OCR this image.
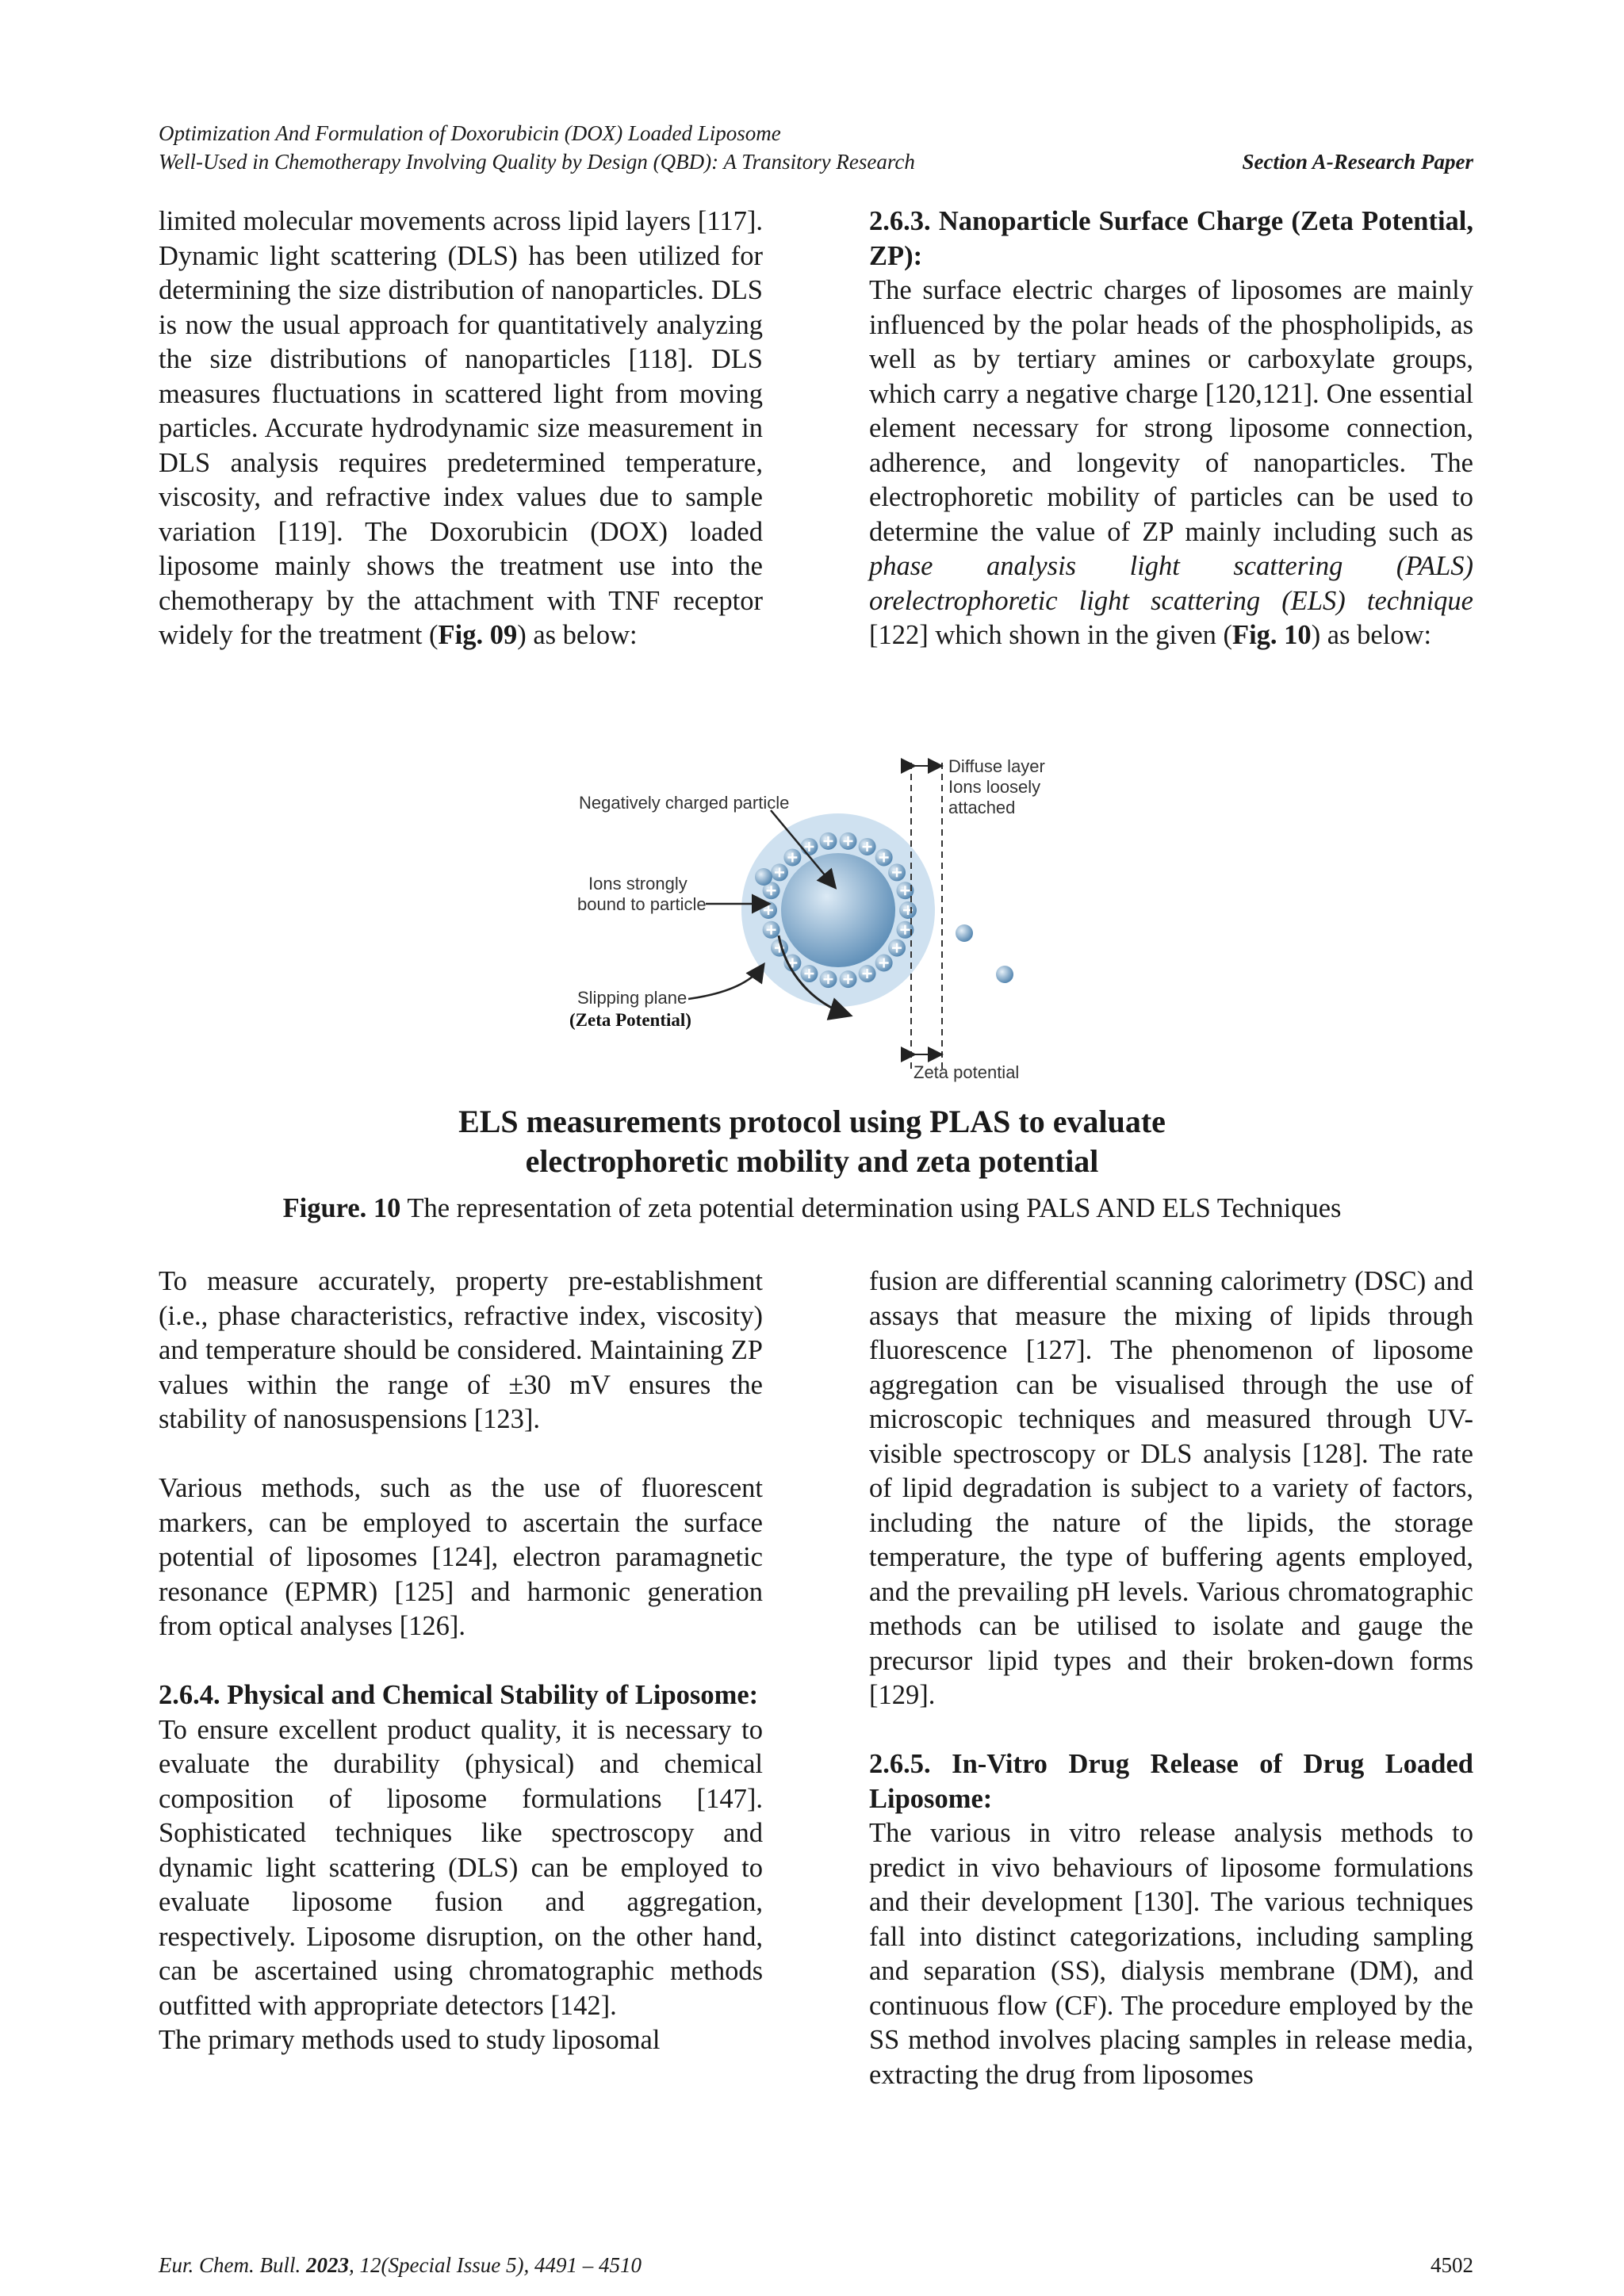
Optimization And Formulation of Doxorubicin (DOX) Loaded Liposome
Well-Used in Chemotherapy Involving Quality by Design (QBD): A Transitory Research	Section A-Research Paper

limited molecular movements across lipid layers [117]. Dynamic light scattering (DLS) has been utilized for determining the size distribution of nanoparticles. DLS is now the usual approach for quantitatively analyzing the size distributions of nanoparticles [118]. DLS measures fluctuations in scattered light from moving particles. Accurate hydrodynamic size measurement in DLS analysis requires predetermined temperature, viscosity, and refractive index values due to sample variation [119]. The Doxorubicin (DOX) loaded liposome mainly shows the treatment use into the chemotherapy by the attachment with TNF receptor widely for the treatment (Fig. 09) as below:

2.6.3. Nanoparticle Surface Charge (Zeta Potential, ZP):

The surface electric charges of liposomes are mainly influenced by the polar heads of the phospholipids, as well as by tertiary amines or carboxylate groups, which carry a negative charge [120,121]. One essential element necessary for strong liposome connection, adherence, and longevity of nanoparticles. The electrophoretic mobility of particles can be used to determine the value of ZP mainly including such as phase analysis light scattering (PALS) orelectrophoretic light scattering (ELS) technique [122] which shown in the given (Fig. 10) as below:

Negatively charged particle
Ions strongly
bound to particle
Slipping plane
(Zeta Potential)
Diffuse layer
Ions loosely
attached
Zeta potential
ELS measurements protocol using PLAS to evaluate
electrophoretic mobility and zeta potential
Figure. 10 The representation of zeta potential determination using PALS AND ELS Techniques

To measure accurately, property pre-establishment (i.e., phase characteristics, refractive index, viscosity) and temperature should be considered. Maintaining ZP values within the range of ±30 mV ensures the stability of nanosuspensions [123].

Various methods, such as the use of fluorescent markers, can be employed to ascertain the surface potential of liposomes [124], electron paramagnetic resonance (EPMR) [125] and harmonic generation from optical analyses [126].

2.6.4. Physical and Chemical Stability of Liposome:

To ensure excellent product quality, it is necessary to evaluate the durability (physical) and chemical composition of liposome formulations [147]. Sophisticated techniques like spectroscopy and dynamic light scattering (DLS) can be employed to evaluate liposome fusion and aggregation, respectively. Liposome disruption, on the other hand, can be ascertained using chromatographic methods outfitted with appropriate detectors [142].

The primary methods used to study liposomal

fusion are differential scanning calorimetry (DSC) and assays that measure the mixing of lipids through fluorescence [127]. The phenomenon of liposome aggregation can be visualised through the use of microscopic techniques and measured through UV-visible spectroscopy or DLS analysis [128]. The rate of lipid degradation is subject to a variety of factors, including the nature of the lipids, the storage temperature, the type of buffering agents employed, and the prevailing pH levels. Various chromatographic methods can be utilised to isolate and gauge the precursor lipid types and their broken-down forms [129].

2.6.5. In-Vitro Drug Release of Drug Loaded Liposome:

The various in vitro release analysis methods to predict in vivo behaviours of liposome formulations and their development [130]. The various techniques fall into distinct categorizations, including sampling and separation (SS), dialysis membrane (DM), and continuous flow (CF). The procedure employed by the SS method involves placing samples in release media, extracting the drug from liposomes

Eur. Chem. Bull. 2023, 12(Special Issue 5), 4491 – 4510	4502
